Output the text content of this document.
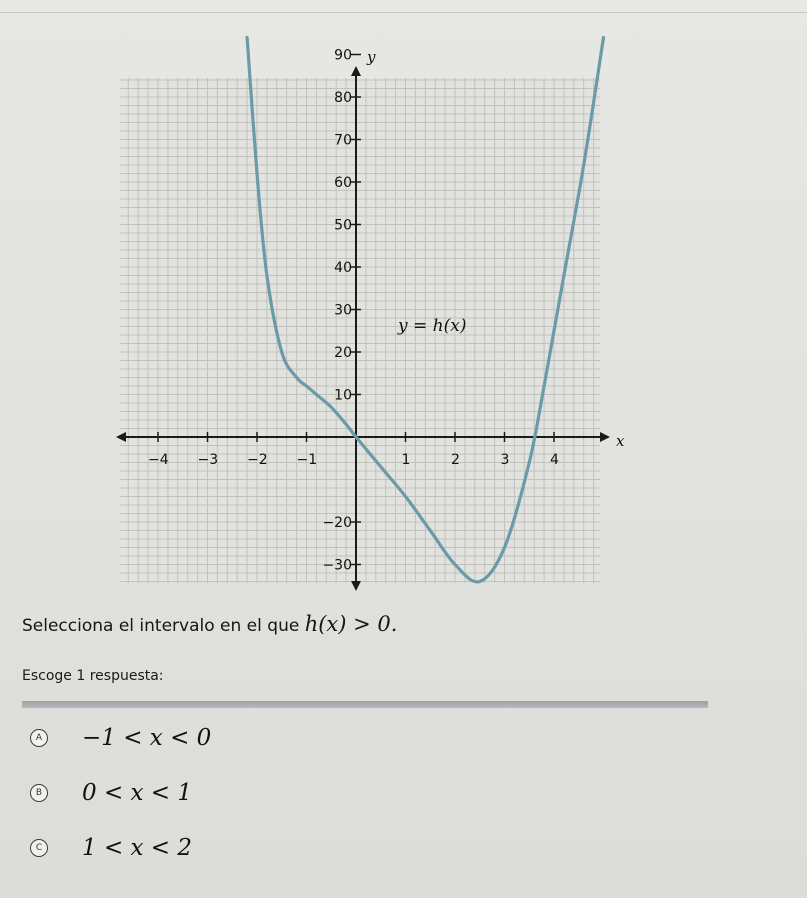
−4 −3 −2 −1	1	2	3	4
90
80
70
60
50
40
30
20
10
−20
−30
y = h(x)
x
y
Selecciona el intervalo en el que h(x) > 0.
Escoge 1 respuesta:
A −1 < x < 0
B 0 < x < 1
C 1 < x < 2
